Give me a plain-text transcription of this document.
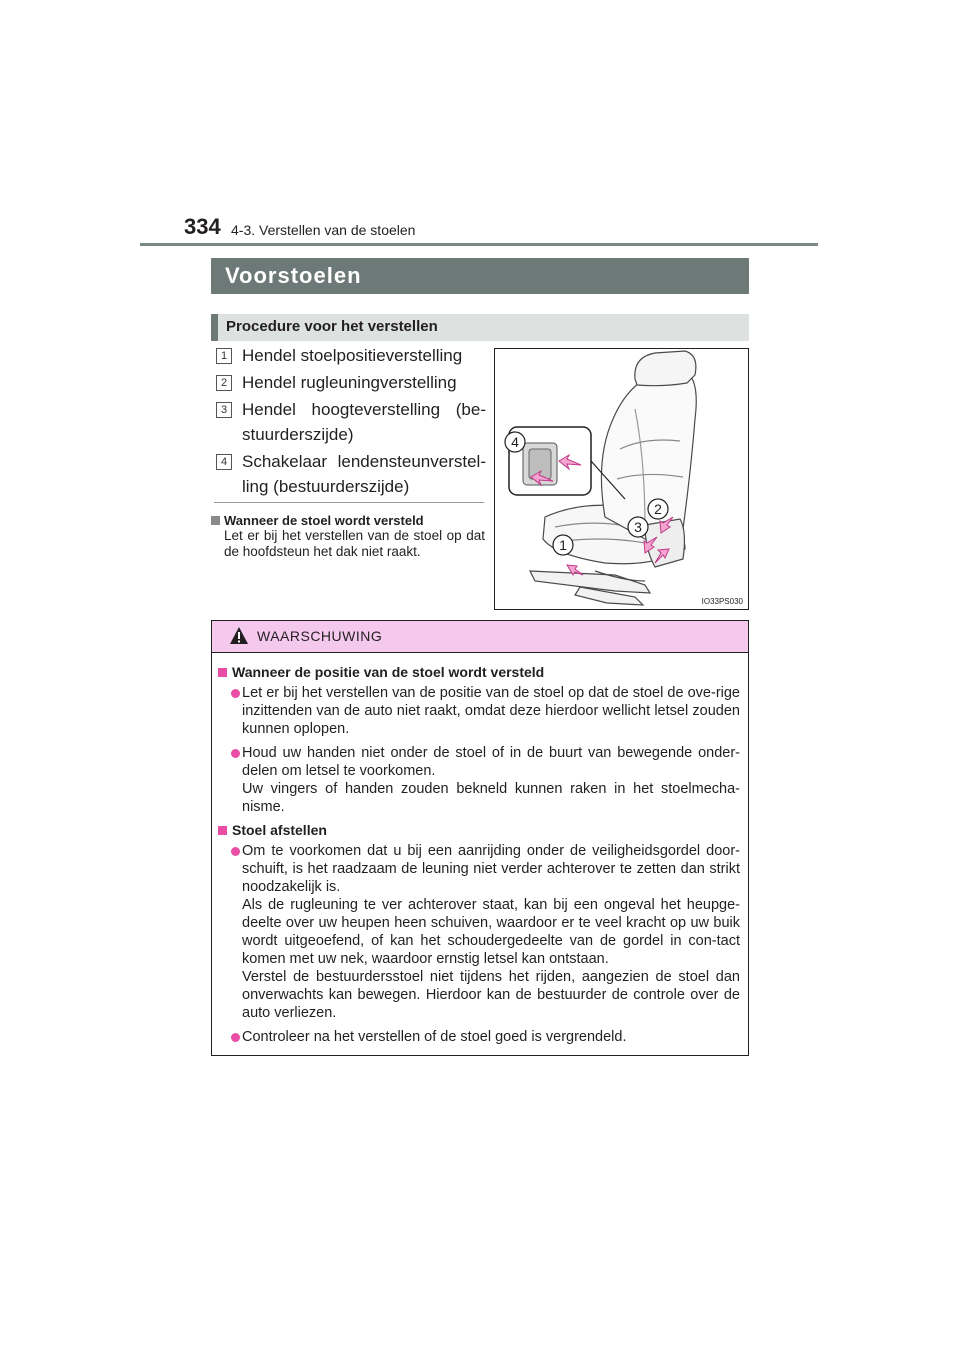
334 4-3. Verstellen van de stoelen
Voorstoelen
Procedure voor het verstellen
1 Hendel stoelpositieverstelling
2 Hendel rugleuningverstelling
3 Hendel hoogteverstelling (be-stuurderszijde)
4 Schakelaar lendensteunverstel-ling (bestuurderszijde)
Wanneer de stoel wordt versteld
Let er bij het verstellen van de stoel op dat de hoofdsteun het dak niet raakt.
4
2
3
1
IO33PS030
WAARSCHUWING
Wanneer de positie van de stoel wordt versteld

Let er bij het verstellen van de positie van de stoel op dat de stoel de ove-rige inzittenden van de auto niet raakt, omdat deze hierdoor wellicht letsel zouden kunnen oplopen.

Houd uw handen niet onder de stoel of in de buurt van bewegende onder-delen om letsel te voorkomen.

Uw vingers of handen zouden bekneld kunnen raken in het stoelmecha-nisme.

Stoel afstellen

Om te voorkomen dat u bij een aanrijding onder de veiligheidsgordel door-schuift, is het raadzaam de leuning niet verder achterover te zetten dan strikt noodzakelijk is.

Als de rugleuning te ver achterover staat, kan bij een ongeval het heupge-deelte over uw heupen heen schuiven, waardoor er te veel kracht op uw buik wordt uitgeoefend, of kan het schoudergedeelte van de gordel in con-tact komen met uw nek, waardoor ernstig letsel kan ontstaan.

Verstel de bestuurdersstoel niet tijdens het rijden, aangezien de stoel dan onverwachts kan bewegen. Hierdoor kan de bestuurder de controle over de auto verliezen.

Controleer na het verstellen of de stoel goed is vergrendeld.
